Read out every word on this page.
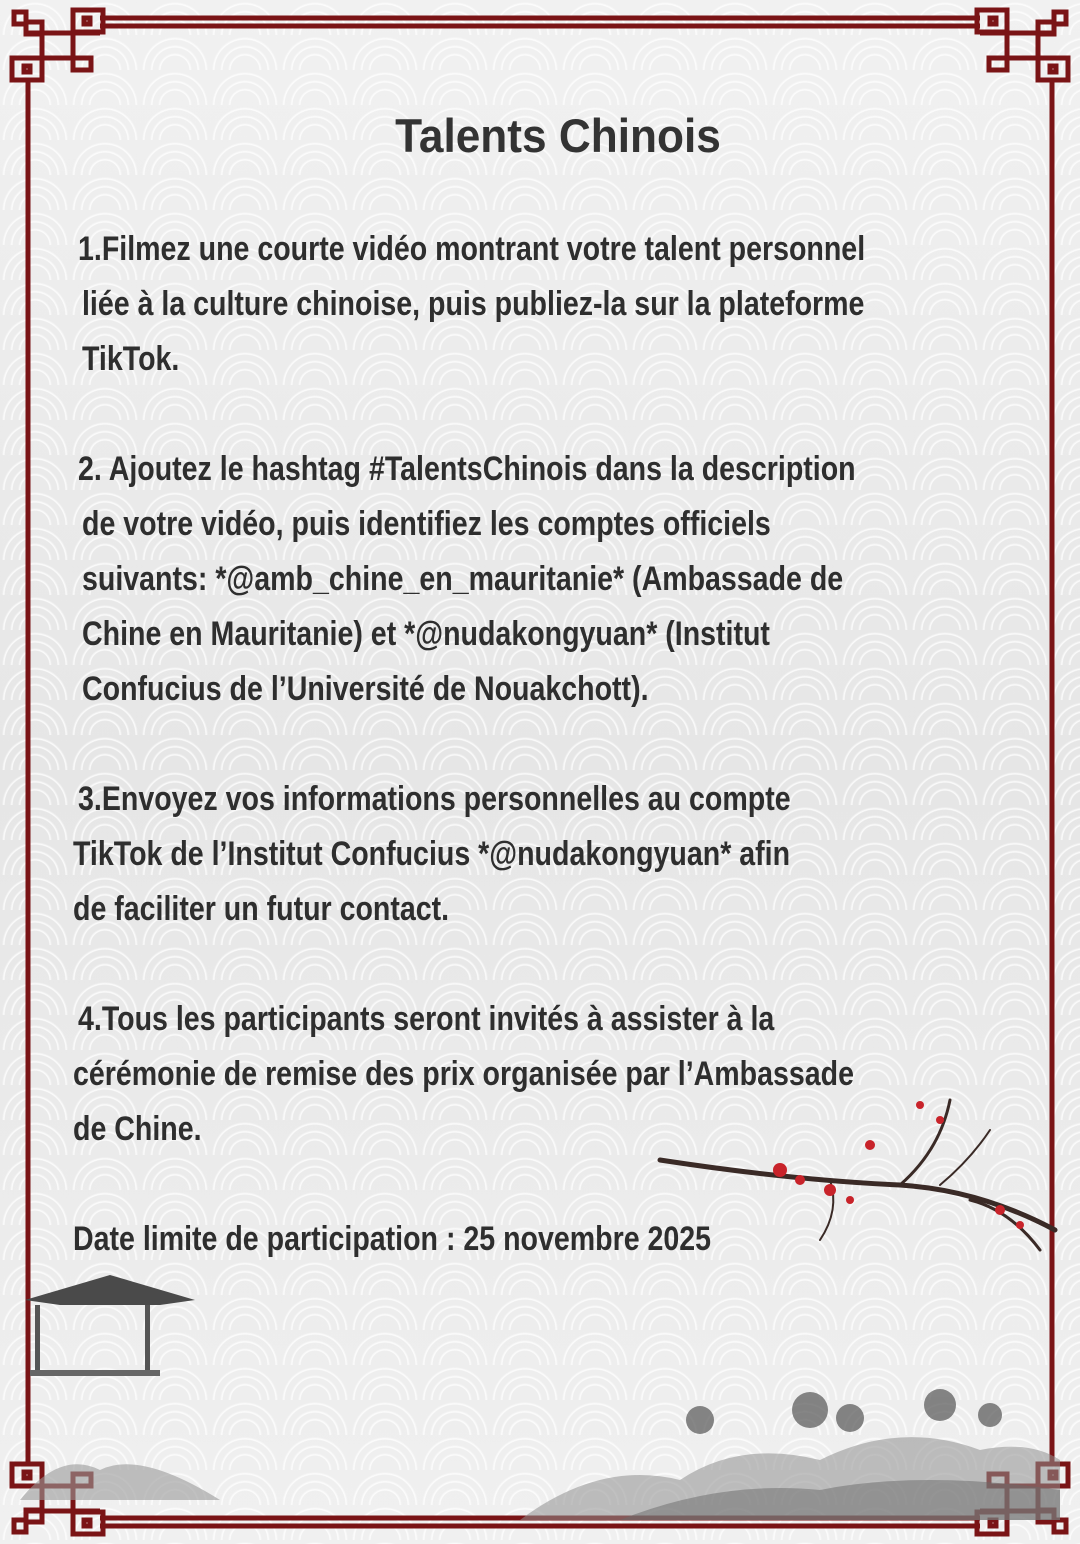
Talents Chinois
1.Filmez une courte vidéo montrant votre talent personnel
liée à la culture chinoise, puis publiez-la sur la plateforme
TikTok.
2. Ajoutez le hashtag #TalentsChinois dans la description
de votre vidéo, puis identifiez les comptes officiels
suivants: *@amb_chine_en_mauritanie* (Ambassade de
Chine en Mauritanie) et *@nudakongyuan* (Institut
Confucius de l’Université de Nouakchott).
3.Envoyez vos informations personnelles au compte
TikTok de l’Institut Confucius *@nudakongyuan* afin
de faciliter un futur contact.
4.Tous les participants seront invités à assister à la
cérémonie de remise des prix organisée par l’Ambassade
de Chine.
Date limite de participation : 25 novembre 2025
